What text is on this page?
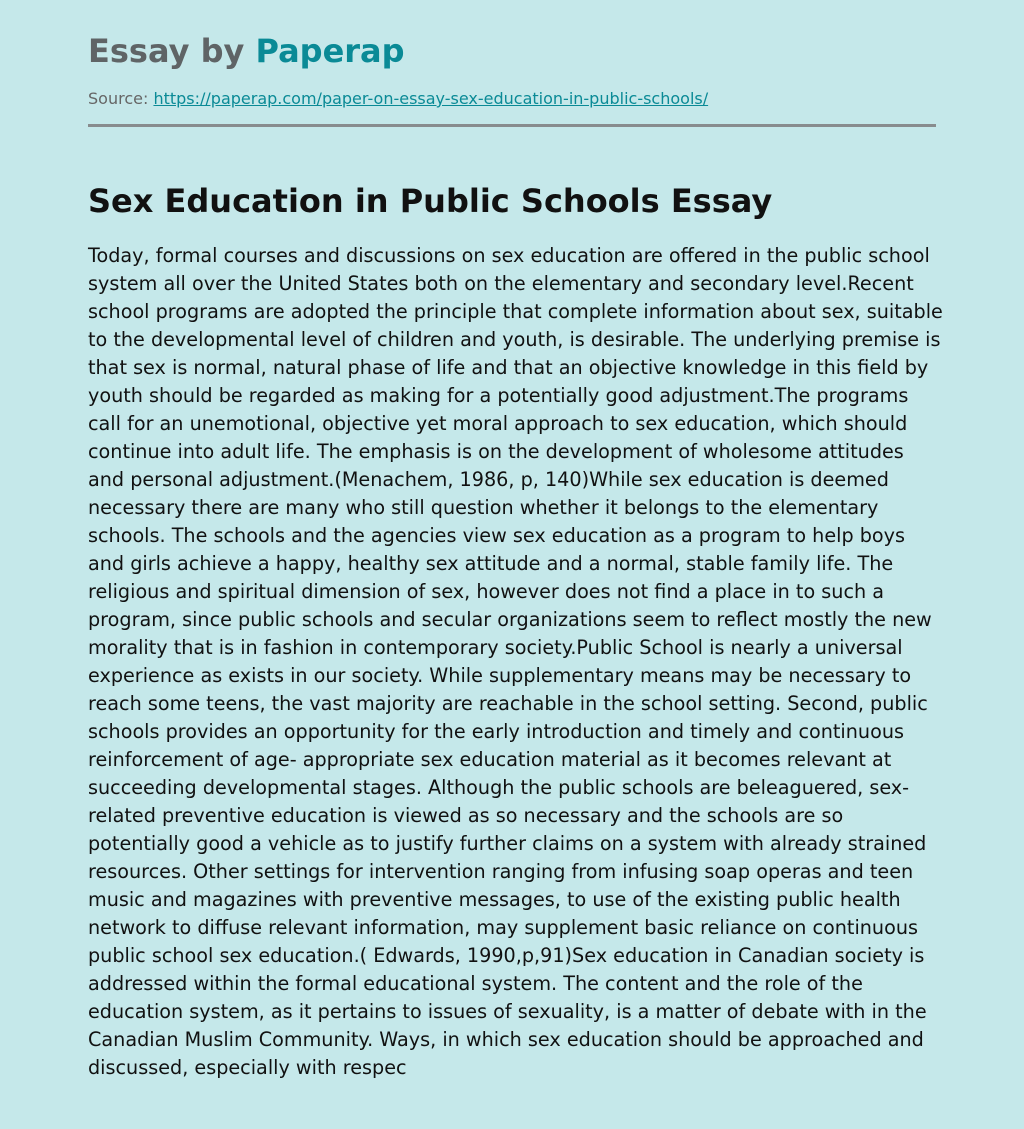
Essay by Paperap
Source: https://paperap.com/paper-on-essay-sex-education-in-public-schools/
Sex Education in Public Schools Essay

Today, formal courses and discussions on sex education are offered in the public school system all over the United States both on the elementary and secondary level.Recent school programs are adopted the principle that complete information about sex, suitable to the developmental level of children and youth, is desirable. The underlying premise is that sex is normal, natural phase of life and that an objective knowledge in this field by youth should be regarded as making for a potentially good adjustment.The programs call for an unemotional, objective yet moral approach to sex education, which should continue into adult life. The emphasis is on the development of wholesome attitudes and personal adjustment.(Menachem, 1986, p, 140)While sex education is deemed necessary there are many who still question whether it belongs to the elementary schools. The schools and the agencies view sex education as a program to help boys and girls achieve a happy, healthy sex attitude and a normal, stable family life. The religious and spiritual dimension of sex, however does not find a place in to such a program, since public schools and secular organizations seem to reflect mostly the new morality that is in fashion in contemporary society.Public School is nearly a universal experience as exists in our society. While supplementary means may be necessary to reach some teens, the vast majority are reachable in the school setting. Second, public schools provides an opportunity for the early introduction and timely and continuous reinforcement of age- appropriate sex education material as it becomes relevant at succeeding developmental stages. Although the public schools are beleaguered, sex-related preventive education is viewed as so necessary and the schools are so potentially good a vehicle as to justify further claims on a system with already strained resources. Other settings for intervention ranging from infusing soap operas and teen music and magazines with preventive messages, to use of the existing public health network to diffuse relevant information, may supplement basic reliance on continuous public school sex education.( Edwards, 1990,p,91)Sex education in Canadian society is addressed within the formal educational system. The content and the role of the education system, as it pertains to issues of sexuality, is a matter of debate with in the Canadian Muslim Community. Ways, in which sex education should be approached and discussed, especially with respec
